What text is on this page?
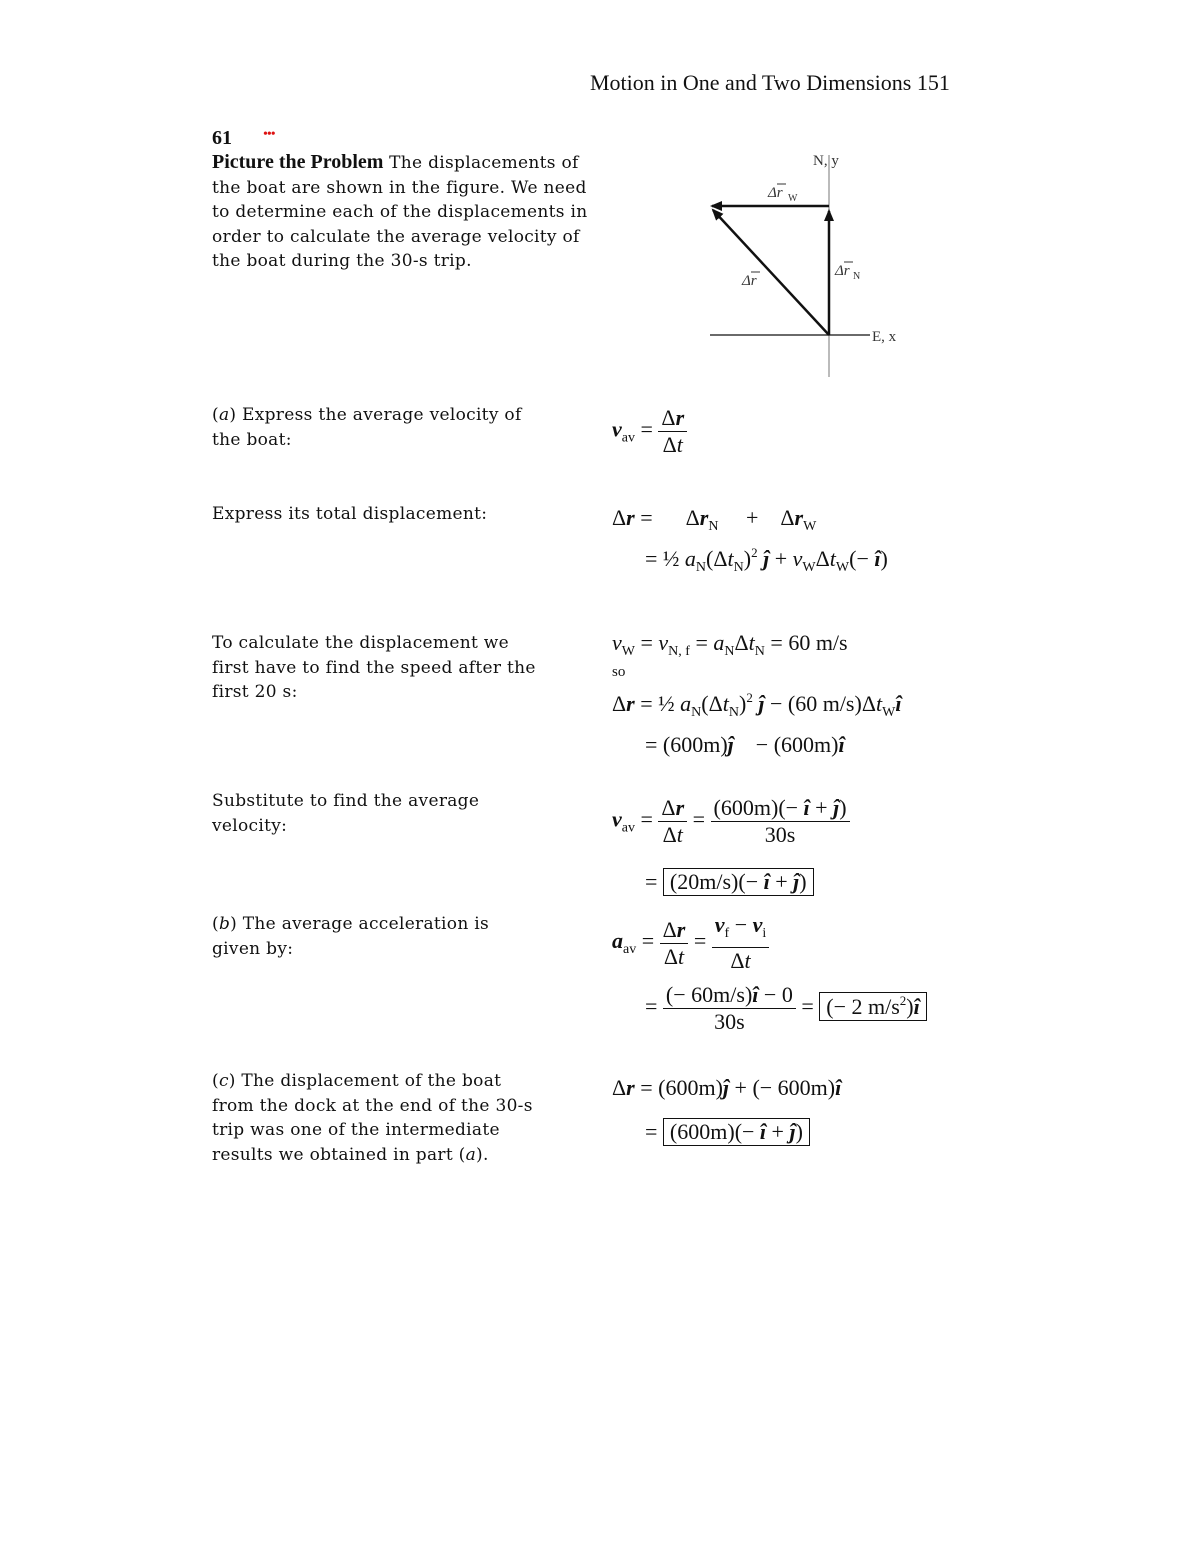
Motion in One and Two Dimensions 151
61 •••
Picture the Problem The displacements of the boat are shown in the figure. We need to determine each of the displacements in order to calculate the average velocity of the boat during the 30-s trip.
N, y
E, x
Δr W
Δr N
Δr
(a) Express the average velocity of the boat:	$v_{av} = \frac{\Delta r}{\Delta t}$
Express its total displacement:	Δr =      $\Delta r_N$     +    $\Delta r_W$
= ½ $a_N(\Delta t_N)^2$ ĵ + $v_W\Delta t_W(-$ î)
To calculate the displacement we first have to find the speed after the first 20 s:
$v_W = v_{N, f} = a_N\Delta t_N = 60$ m/s
so
Δr = ½ $a_N(\Delta t_N)^2$ ĵ − (60 $m/s)\Delta t_Wî$
= (600m)ĵ − (600m)î
Substitute to find the average velocity:	$v_{av} = \frac{\Delta r}{\Delta t} = \frac{(600m)(- î + ĵ)}{30s}$
= (20m/s)(− î + ĵ)
(b) The average acceleration is given by:	$a_{av} = \frac{\Delta r}{\Delta t} = \frac{v_f - v_i}{\Delta t}$
= $\frac{(- 60m/s)î - 0}{30s}$ = (− 2 $m/s^2)î$
(c) The displacement of the boat from the dock at the end of the 30-s trip was one of the intermediate results we obtained in part (a).
Δr = (600m)ĵ + (− 600m)î
= (600m)(− î + ĵ)
